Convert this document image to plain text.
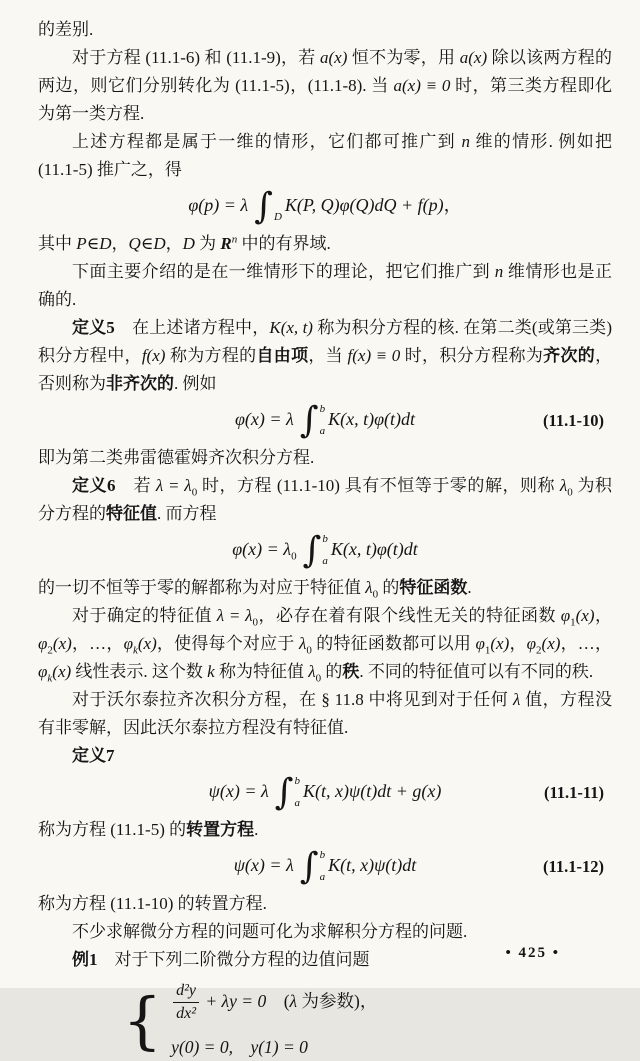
的差别.
对于方程 (11.1-6) 和 (11.1-9)，若 a(x) 恒不为零，用 a(x) 除以该两方程的两边，则它们分别转化为 (11.1-5)，(11.1-8). 当 a(x) ≡ 0 时，第三类方程即化为第一类方程.
上述方程都是属于一维的情形，它们都可推广到 n 维的情形. 例如把 (11.1-5) 推广之，得
φ(p) = λ ∫ D
K(P, Q)φ(Q)dQ + f(p)，
其中 P∈D，Q∈D，D 为 $R^n$ 中的有界域.
下面主要介绍的是在一维情形下的理论，把它们推广到 n 维情形也是正确的.
定义5　在上述诸方程中，K(x, t) 称为积分方程的核. 在第二类(或第三类)积分方程中，f(x) 称为方程的自由项，当 f(x) ≡ 0 时，积分方程称为齐次的，否则称为非齐次的. 例如
φ(x) = λ ∫ b
a
K(x, t)φ(t)dt	(11.1-10)
即为第二类弗雷德霍姆齐次积分方程.
定义6　若 $\lambda = \lambda_0$ 时，方程 (11.1-10) 具有不恒等于零的解，则称 $\lambda_0$ 为积分方程的特征值. 而方程
$\varphi(x) = \lambda_0$ ∫ b
a
K(x, t)φ(t)dt
的一切不恒等于零的解都称为对应于特征值 $\lambda_0$ 的特征函数.
对于确定的特征值 $\lambda = \lambda_0$，必存在着有限个线性无关的特征函数 $\varphi_1(x)$，$\varphi_2(x)$，…，$\varphi_k(x)$，使得每个对应于 $\lambda_0$ 的特征函数都可以用 $\varphi_1(x)$，$\varphi_2(x)$，…，$\varphi_k(x)$ 线性表示. 这个数 k 称为特征值 $\lambda_0$ 的秩. 不同的特征值可以有不同的秩.
对于沃尔泰拉齐次积分方程，在 § 11.8 中将见到对于任何 λ 值，方程没有非零解，因此沃尔泰拉方程没有特征值.
定义7
ψ(x) = λ ∫ b
a
K(t, x)ψ(t)dt + g(x)	(11.1-11)
称为方程 (11.1-5) 的转置方程.
ψ(x) = λ ∫ b
a
K(t, x)ψ(t)dt	(11.1-12)
称为方程 (11.1-10) 的转置方程.
不少求解微分方程的问题可化为求解积分方程的问题.
例1　对于下列二阶微分方程的边值问题
{ $\frac{\text{d²y}}{\text{dx²}} + \lambda y = 0$　(λ 为参数)，
y(0) = 0,　y(1) = 0
• 425 •
